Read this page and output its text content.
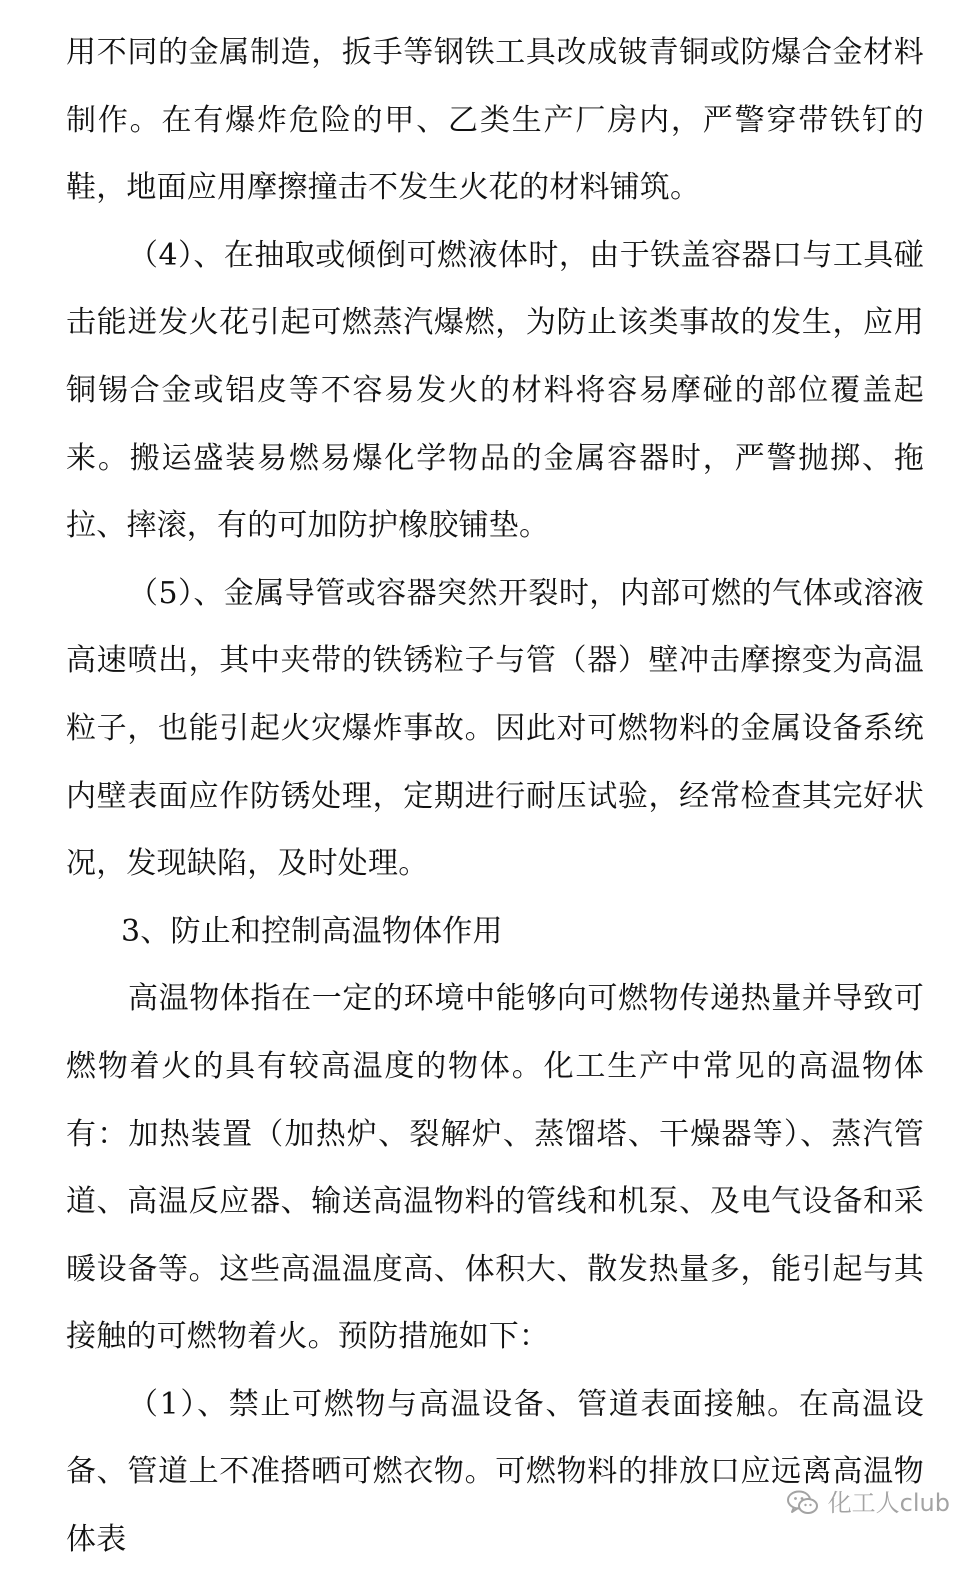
用不同的金属制造，扳手等钢铁工具改成铍青铜或防爆合金材料制作。在有爆炸危险的甲、乙类生产厂房内，严警穿带铁钉的鞋，地面应用摩擦撞击不发生火花的材料铺筑。

（4）、在抽取或倾倒可燃液体时，由于铁盖容器口与工具碰击能迸发火花引起可燃蒸汽爆燃，为防止该类事故的发生，应用铜锡合金或铝皮等不容易发火的材料将容易摩碰的部位覆盖起来。搬运盛装易燃易爆化学物品的金属容器时，严警抛掷、拖拉、摔滚，有的可加防护橡胶铺垫。

（5）、金属导管或容器突然开裂时，内部可燃的气体或溶液高速喷出，其中夹带的铁锈粒子与管（器）壁冲击摩擦变为高温粒子，也能引起火灾爆炸事故。因此对可燃物料的金属设备系统内壁表面应作防锈处理，定期进行耐压试验，经常检查其完好状况，发现缺陷，及时处理。

3、防止和控制高温物体作用

高温物体指在一定的环境中能够向可燃物传递热量并导致可燃物着火的具有较高温度的物体。化工生产中常见的高温物体有：加热装置（加热炉、裂解炉、蒸馏塔、干燥器等）、蒸汽管道、高温反应器、输送高温物料的管线和机泵、及电气设备和采暖设备等。这些高温温度高、体积大、散发热量多，能引起与其接触的可燃物着火。预防措施如下：

（1）、禁止可燃物与高温设备、管道表面接触。在高温设备、管道上不准搭晒可燃衣物。可燃物料的排放口应远离高温物体表

化工人club
